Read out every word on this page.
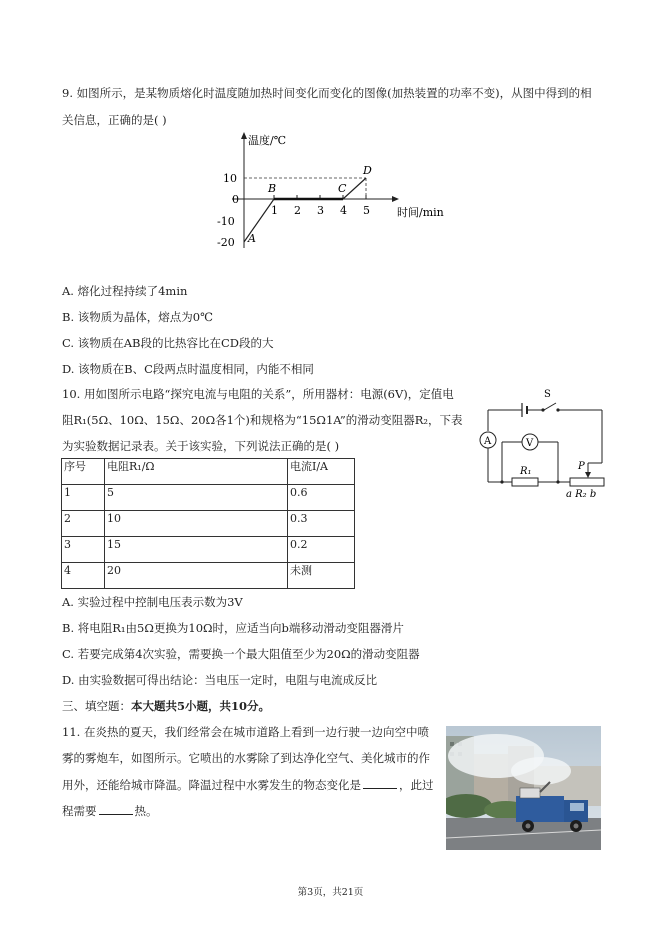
9. 如图所示，是某物质熔化时温度随加热时间变化而变化的图像(加热装置的功率不变)，从图中得到的相
关信息，正确的是( )
温度/℃
时间/min
10
0
-10
-20
1 2 3 4 5
A
B	C
D
A. 熔化过程持续了4min
B. 该物质为晶体，熔点为0℃
C. 该物质在AB段的比热容比在CD段的大
D. 该物质在B、C段两点时温度相同，内能不相同
10. 用如图所示电路“探究电流与电阻的关系”，所用器材：电源(6V)，定值电
阻R₁(5Ω、10Ω、15Ω、20Ω各1个)和规格为“15Ω1A”的滑动变阻器R₂，下表
为实验数据记录表。关于该实验，下列说法正确的是( )
序号	电阻R₁/Ω	电流I/A
1	5	0.6
2	10	0.3
3	15	0.2
4	20	未测
S
A
R₁
a R₂ b
V
P
A. 实验过程中控制电压表示数为3V
B. 将电阻R₁由5Ω更换为10Ω时，应适当向b端移动滑动变阻器滑片
C. 若要完成第4次实验，需要换一个最大阻值至少为20Ω的滑动变阻器
D. 由实验数据可得出结论：当电压一定时，电阻与电流成反比
三、填空题：本大题共5小题，共10分。
11. 在炎热的夏天，我们经常会在城市道路上看到一边行驶一边向空中喷
雾的雾炮车，如图所示。它喷出的水雾除了到达净化空气、美化城市的作
用外，还能给城市降温。降温过程中水雾发生的物态变化是	，此过
程需要	热。
第3页，共21页
